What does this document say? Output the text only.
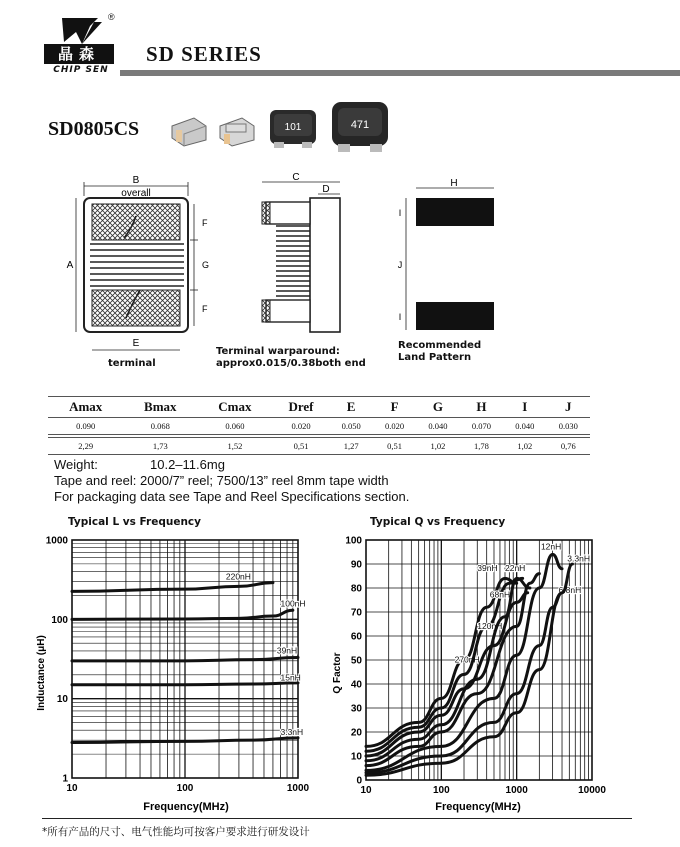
晶森
CHIP SEN
®
SD SERIES
SD0805CS	101	471
B
overall
A
E
F
G
F
C
D
H
I
J
I
terminal
Terminal warparound:
approx0.015/0.38both end
Recommended
Land Pattern
Amax	Bmax	Cmax	Dref	E	F	G	H	I	J
0.090	0.068	0.060	0.020	0.050	0.020	0.040	0.070	0.040	0.030

2,29	1,73	1,52	0,51	1,27	0,51	1,02	1,78	1,02	0,76
Weight:	10.2–11.6mg
Tape and reel: 2000/7” reel; 7500/13” reel 8mm tape width
For packaging data see Tape and Reel Specifications section.
Typical L vs Frequency	Typical Q vs Frequency
10	100	1000
1000
100
10
1
220nH
100nH
39nH
15nH
3.3nH
Inductance (μH)
Frequency(MHz)
10	100	1000	10000
100
90
80
70
60
50
40
30
20
10
0
270nH
120nH
68nH
39nH 22nH
12nH
6.8nH
3.3nH
Q Factor
Frequency(MHz)
*所有产品的尺寸、电气性能均可按客户要求进行研发设计
